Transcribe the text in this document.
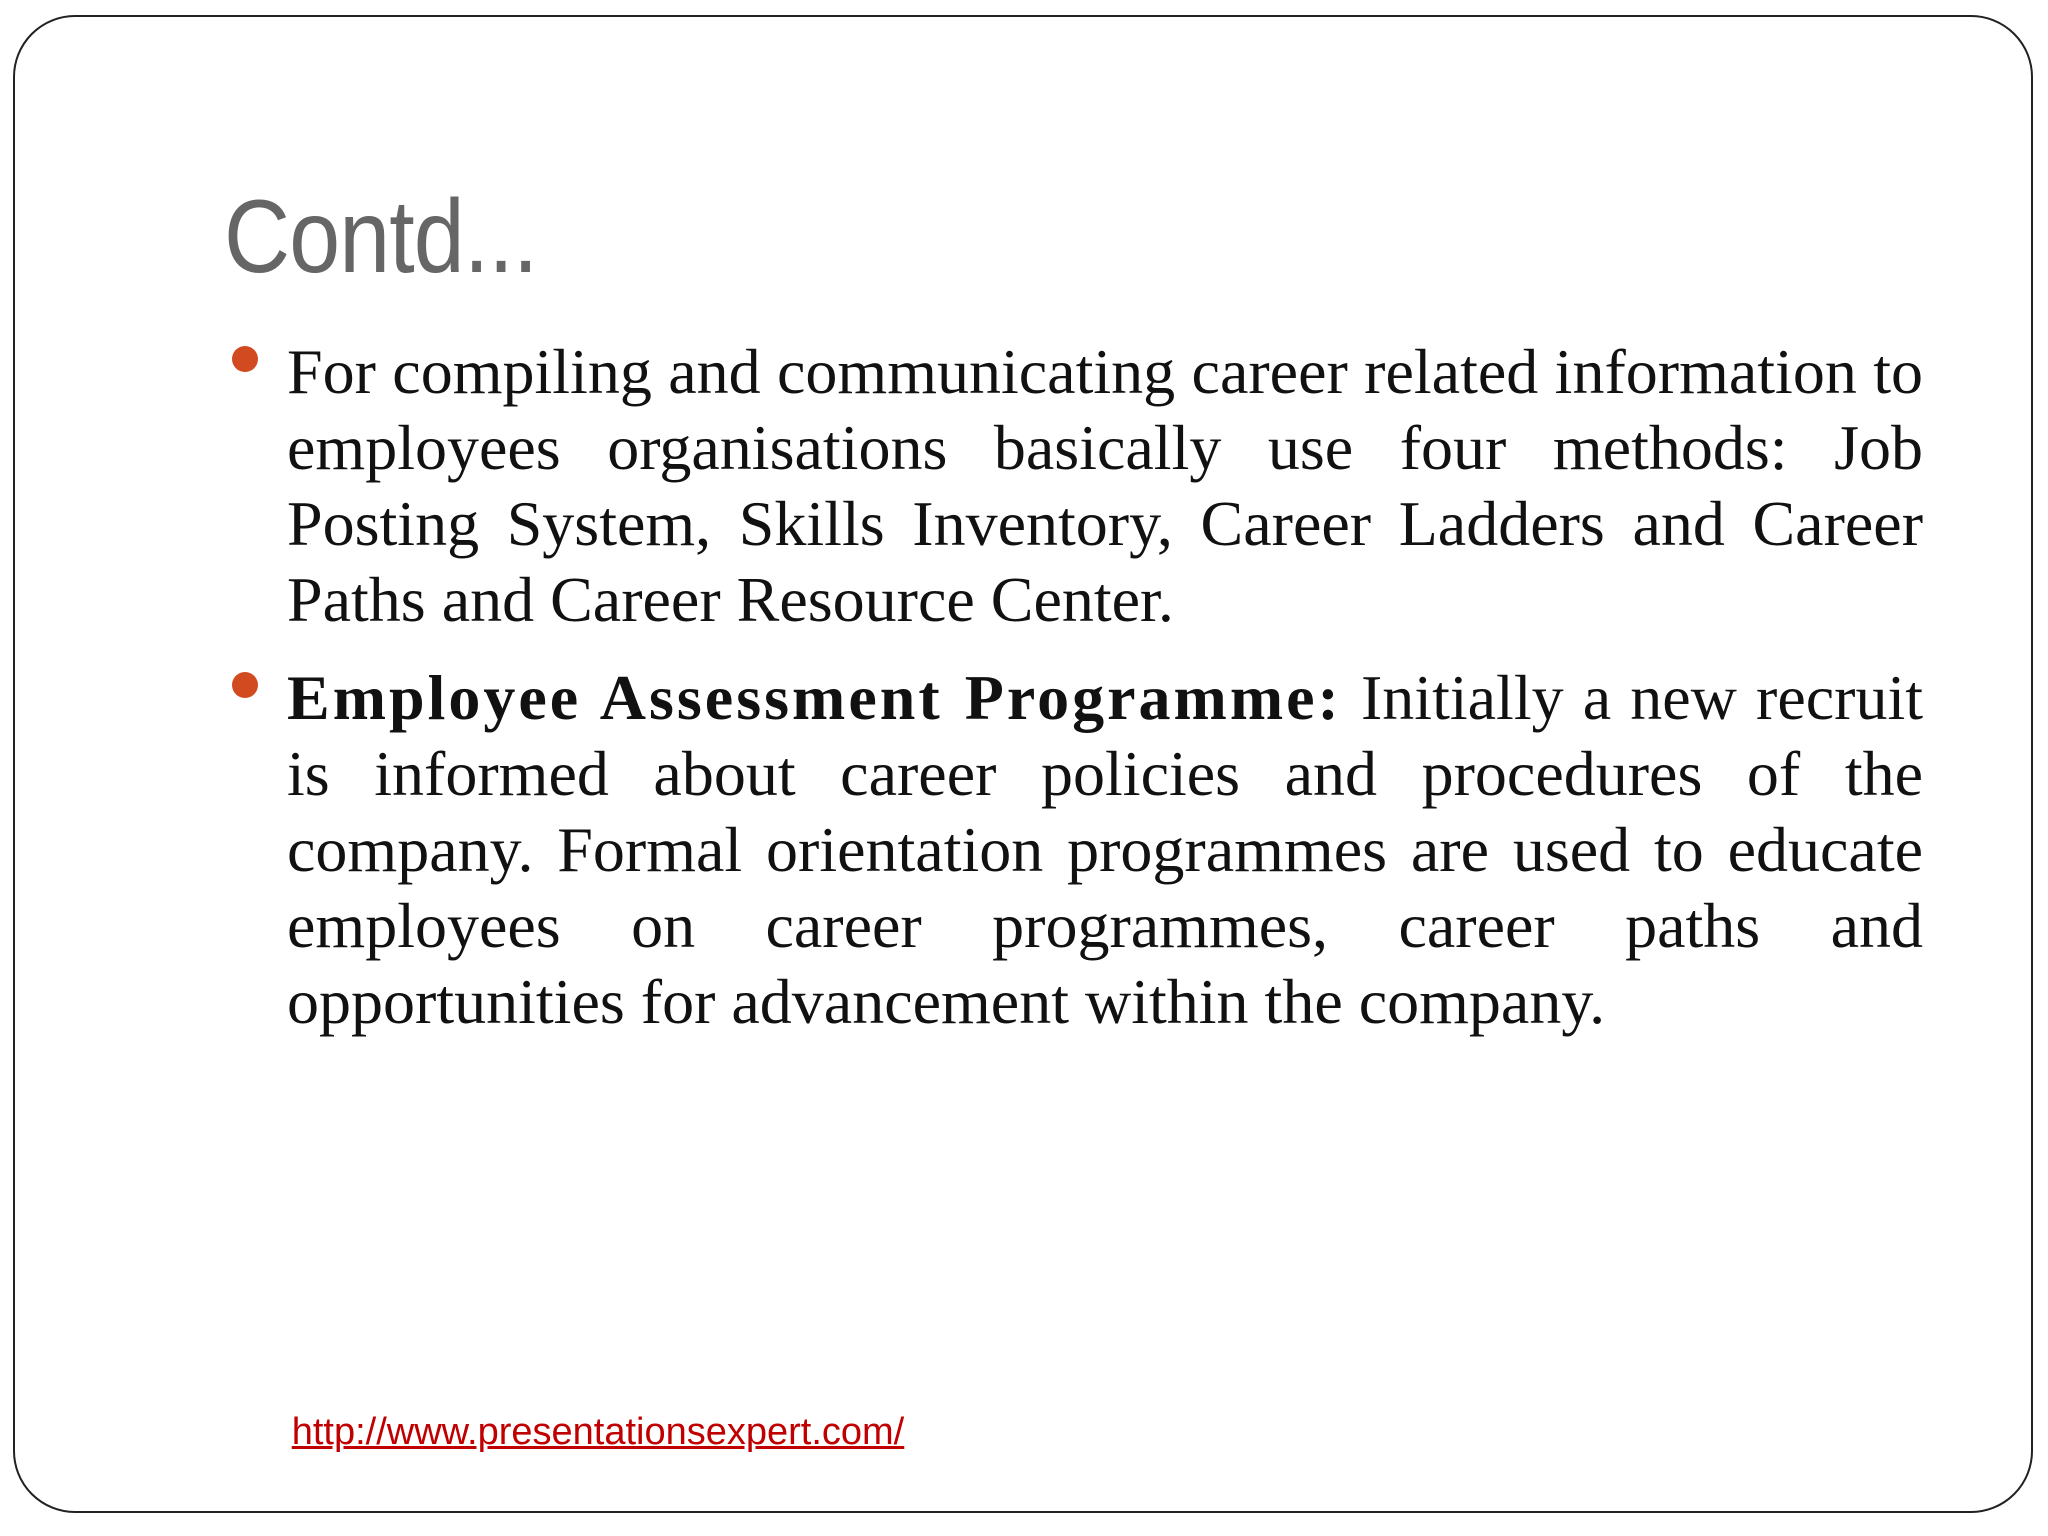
Contd...
For compiling and communicating career related information to employees organisations basically use four methods: Job Posting System, Skills Inventory, Career Ladders and Career Paths and Career Resource Center.
Employee Assessment Programme: Initially a new recruit is informed about career policies and procedures of the company. Formal orientation programmes are used to educate employees on career programmes, career paths and opportunities for advancement within the company.
http://www.presentationsexpert.com/
